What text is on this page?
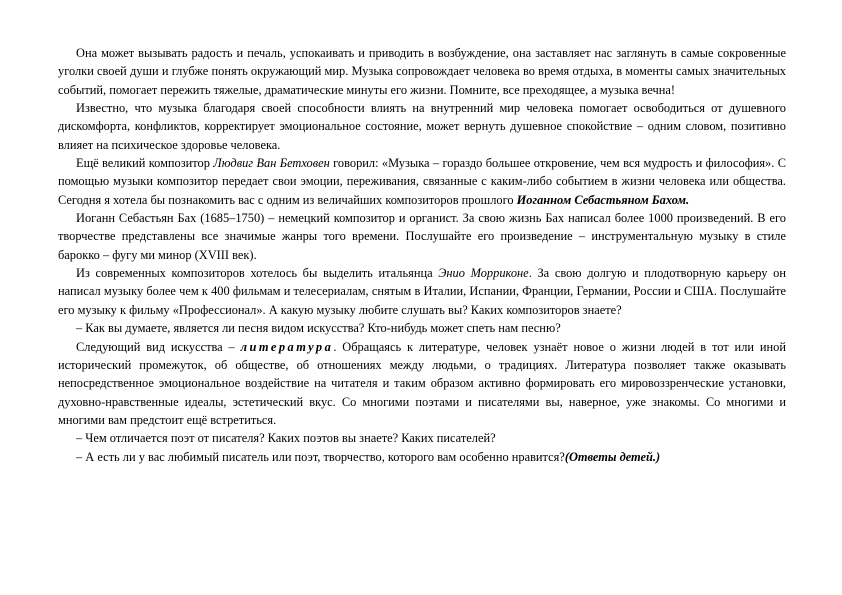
Она может вызывать радость и печаль, успокаивать и приводить в возбуждение, она заставляет нас заглянуть в самые сокровенные уголки своей души и глубже понять окружающий мир. Музыка сопровождает человека во время отдыха, в моменты самых значительных событий, помогает пережить тяжелые, драматические минуты его жизни. Помните, все преходящее, а музыка вечна!

Известно, что музыка благодаря своей способности влиять на внутренний мир человека помогает освободиться от душевного дискомфорта, конфликтов, корректирует эмоциональное состояние, может вернуть душевное спокойствие – одним словом, позитивно влияет на психическое здоровье человека.

Ещё великий композитор Людвиг Ван Бетховен говорил: «Музыка – гораздо большее откровение, чем вся мудрость и философия». С помощью музыки композитор передает свои эмоции, переживания, связанные с каким-либо событием в жизни человека или общества. Сегодня я хотела бы познакомить вас с одним из величайших композиторов прошлого Иоганном Себастьяном Бахом.

Иоганн Себастьян Бах (1685–1750) – немецкий композитор и органист. За свою жизнь Бах написал более 1000 произведений. В его творчестве представлены все значимые жанры того времени. Послушайте его произведение – инструментальную музыку в стиле барокко – фугу ми минор (XVIII век).

Из современных композиторов хотелось бы выделить итальянца Энио Морриконе. За свою долгую и плодотворную карьеру он написал музыку более чем к 400 фильмам и телесериалам, снятым в Италии, Испании, Франции, Германии, России и США. Послушайте его музыку к фильму «Профессионал». А какую музыку любите слушать вы? Каких композиторов знаете?

– Как вы думаете, является ли песня видом искусства? Кто-нибудь может спеть нам песню?

Следующий вид искусства – литература. Обращаясь к литературе, человек узнаёт новое о жизни людей в тот или иной исторический промежуток, об обществе, об отношениях между людьми, о традициях. Литература позволяет также оказывать непосредственное эмоциональное воздействие на читателя и таким образом активно формировать его мировоззренческие установки, духовно-нравственные идеалы, эстетический вкус. Со многими поэтами и писателями вы, наверное, уже знакомы. Со многими и многими вам предстоит ещё встретиться.

– Чем отличается поэт от писателя? Каких поэтов вы знаете? Каких писателей?

– А есть ли у вас любимый писатель или поэт, творчество, которого вам особенно нравится?(Ответы детей.)
